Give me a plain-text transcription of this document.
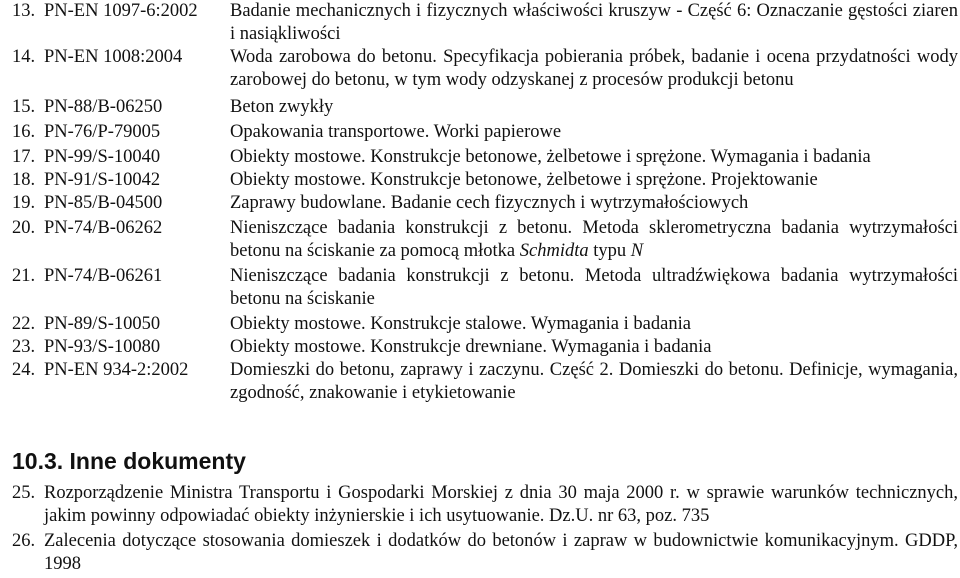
13. PN-EN 1097-6:2002	Badanie mechanicznych i fizycznych właściwości kruszyw - Część 6: Oznaczanie gęstości ziaren i nasiąkliwości
14. PN-EN 1008:2004	Woda zarobowa do betonu. Specyfikacja pobierania próbek, badanie i ocena przydatności wody zarobowej do betonu, w tym wody odzyskanej z procesów produkcji betonu
15. PN-88/B-06250	Beton zwykły
16. PN-76/P-79005	Opakowania transportowe. Worki papierowe
17. PN-99/S-10040	Obiekty mostowe. Konstrukcje betonowe, żelbetowe i sprężone. Wymagania i badania
18. PN-91/S-10042	Obiekty mostowe. Konstrukcje betonowe, żelbetowe i sprężone. Projektowanie
19. PN-85/B-04500	Zaprawy budowlane. Badanie cech fizycznych i wytrzymałościowych
20. PN-74/B-06262	Nieniszczące badania konstrukcji z betonu. Metoda sklerometryczna badania wytrzymałości betonu na ściskanie za pomocą młotka Schmidta typu N
21. PN-74/B-06261	Nieniszczące badania konstrukcji z betonu. Metoda ultradźwiękowa badania wytrzymałości betonu na ściskanie
22. PN-89/S-10050	Obiekty mostowe. Konstrukcje stalowe. Wymagania i badania
23. PN-93/S-10080	Obiekty mostowe. Konstrukcje drewniane. Wymagania i badania
24. PN-EN 934-2:2002	Domieszki do betonu, zaprawy i zaczynu. Część 2. Domieszki do betonu. Definicje, wymagania, zgodność, znakowanie i etykietowanie
10.3. Inne dokumenty
25. Rozporządzenie Ministra Transportu i Gospodarki Morskiej z dnia 30 maja 2000 r. w sprawie warunków technicznych, jakim powinny odpowiadać obiekty inżynierskie i ich usytuowanie. Dz.U. nr 63, poz. 735
26. Zalecenia dotyczące stosowania domieszek i dodatków do betonów i zapraw w budownictwie komunikacyjnym. GDDP, 1998
